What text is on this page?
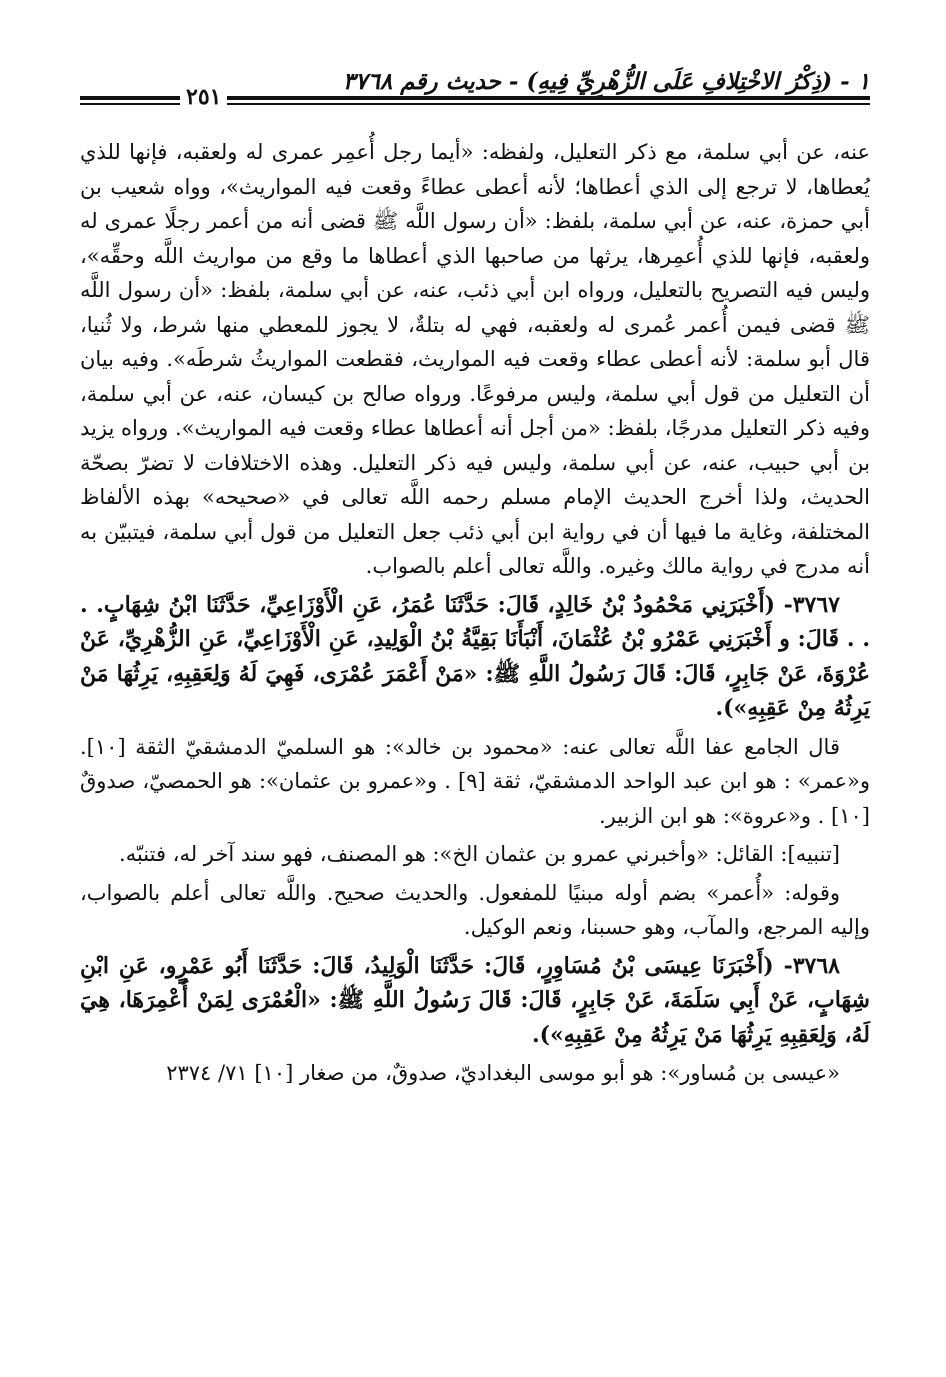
١ - (ذِكْرُ الاخْتِلافِ عَلَى الزُّهْرِيِّ فِيهِ) - حديث رقم ٣٧٦٨
٢٥١

عنه، عن أبي سلمة، مع ذكر التعليل، ولفظه: «أيما رجل أُعمِر عمرى له ولعقبه، فإنها للذي يُعطاها، لا ترجع إلى الذي أعطاها؛ لأنه أعطى عطاءً وقعت فيه المواريث»، وواه شعيب بن أبي حمزة، عنه، عن أبي سلمة، بلفظ: «أن رسول اللَّه ﷺ قضى أنه من أعمر رجلًا عمرى له ولعقبه، فإنها للذي أُعمِرها، يرثها من صاحبها الذي أعطاها ما وقع من مواريث اللَّه وحقِّه»، وليس فيه التصريح بالتعليل، ورواه ابن أبي ذئب، عنه، عن أبي سلمة، بلفظ: «أن رسول اللَّه ﷺ قضى فيمن أُعمر عُمرى له ولعقبه، فهي له بتلةٌ، لا يجوز للمعطي منها شرط، ولا ثُنيا، قال أبو سلمة: لأنه أعطى عطاء وقعت فيه المواريث، فقطعت المواريثُ شرطَه». وفيه بيان أن التعليل من قول أبي سلمة، وليس مرفوعًا. ورواه صالح بن كيسان، عنه، عن أبي سلمة، وفيه ذكر التعليل مدرجًا، بلفظ: «من أجل أنه أعطاها عطاء وقعت فيه المواريث». ورواه يزيد بن أبي حبيب، عنه، عن أبي سلمة، وليس فيه ذكر التعليل. وهذه الاختلافات لا تضرّ بصحّة الحديث، ولذا أخرج الحديث الإمام مسلم رحمه اللَّه تعالى في «صحيحه» بهذه الألفاظ المختلفة، وغاية ما فيها أن في رواية ابن أبي ذئب جعل التعليل من قول أبي سلمة، فيتبيّن به أنه مدرج في رواية مالك وغيره. واللَّه تعالى أعلم بالصواب.

٣٧٦٧- (أَخْبَرَنِي مَحْمُودُ بْنُ خَالِدٍ، قَالَ: حَدَّثَنَا عُمَرُ، عَنِ الْأَوْزَاعِيِّ، حَدَّثَنَا ابْنُ شِهَابٍ. . . . قَالَ: و أَخْبَرَنِي عَمْرُو بْنُ عُثْمَانَ، أَنْبَأَنَا بَقِيَّةُ بْنُ الْوَلِيدِ، عَنِ الْأَوْزَاعِيِّ، عَنِ الزُّهْرِيِّ، عَنْ عُرْوَةَ، عَنْ جَابِرٍ، قَالَ: قَالَ رَسُولُ اللَّهِ ﷺ: «مَنْ أَعْمَرَ عُمْرَى، فَهِيَ لَهُ وَلِعَقِبِهِ، يَرِثُهَا مَنْ يَرِثُهُ مِنْ عَقِبِهِ»).

قال الجامع عفا اللَّه تعالى عنه: «محمود بن خالد»: هو السلميّ الدمشقيّ الثقة [١٠]. و«عمر» : هو ابن عبد الواحد الدمشقيّ، ثقة [٩] . و«عمرو بن عثمان»: هو الحمصيّ، صدوقٌ [١٠] . و«عروة»: هو ابن الزبير.

[تنبيه]: القائل: «وأخبرني عمرو بن عثمان الخ»: هو المصنف، فهو سند آخر له، فتنبّه.

وقوله: «أُعمر» بضم أوله مبنيًا للمفعول. والحديث صحيح. واللَّه تعالى أعلم بالصواب، وإليه المرجع، والمآب، وهو حسبنا، ونعم الوكيل.

٣٧٦٨- (أَخْبَرَنَا عِيسَى بْنُ مُسَاوِرٍ، قَالَ: حَدَّثَنَا الْوَلِيدُ، قَالَ: حَدَّثَنَا أَبُو عَمْرٍو، عَنِ ابْنِ شِهَابٍ، عَنْ أَبِي سَلَمَةَ، عَنْ جَابِرٍ، قَالَ: قَالَ رَسُولُ اللَّهِ ﷺ: «الْعُمْرَى لِمَنْ أُعْمِرَهَا، هِيَ لَهُ، وَلِعَقِبِهِ يَرِثُهَا مَنْ يَرِثُهُ مِنْ عَقِبِهِ»).

«عيسى بن مُساور»: هو أبو موسى البغداديّ، صدوقٌ، من صغار [١٠] ٧١/ ٢٣٧٤
